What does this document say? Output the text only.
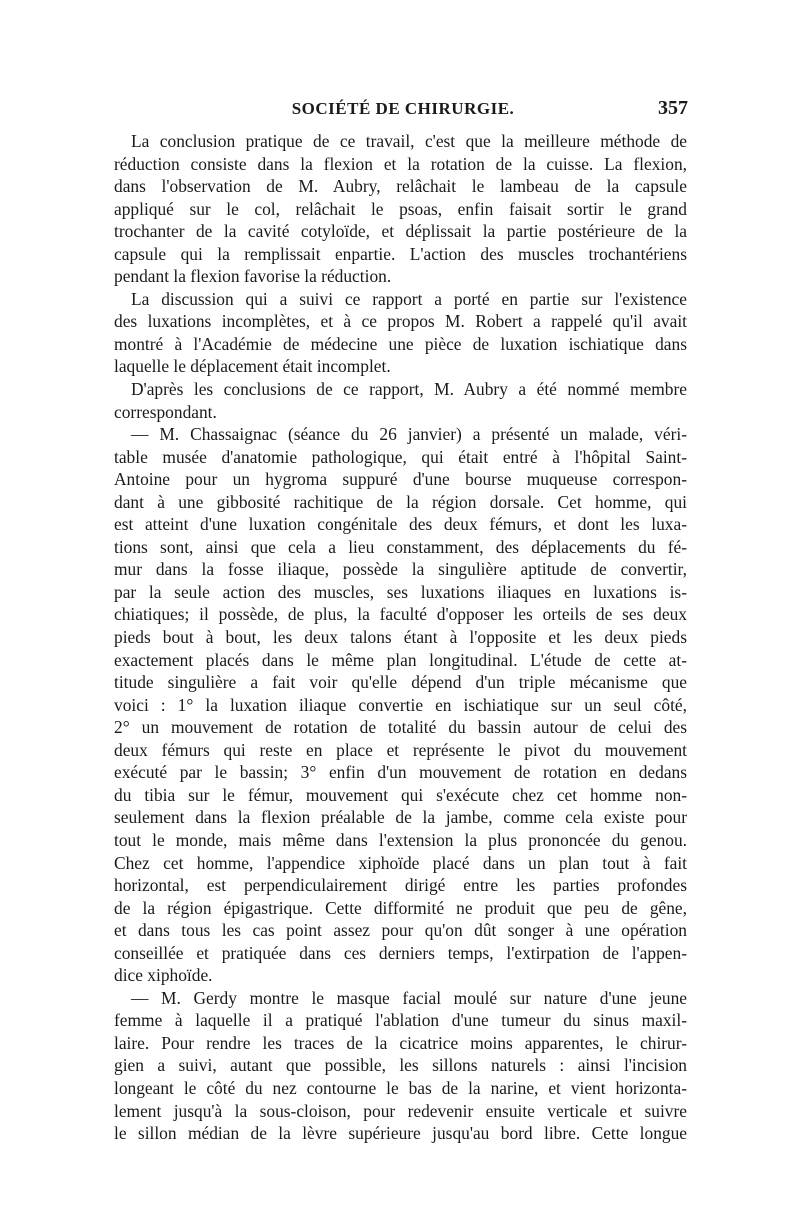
SOCIÉTÉ DE CHIRURGIE.	357
La conclusion pratique de ce travail, c'est que la meilleure méthode de
réduction consiste dans la flexion et la rotation de la cuisse. La flexion,
dans l'observation de M. Aubry, relâchait le lambeau de la capsule
appliqué sur le col, relâchait le psoas, enfin faisait sortir le grand
trochanter de la cavité cotyloïde, et déplissait la partie postérieure de la
capsule qui la remplissait enpartie. L'action des muscles trochantériens
pendant la flexion favorise la réduction.
La discussion qui a suivi ce rapport a porté en partie sur l'existence
des luxations incomplètes, et à ce propos M. Robert a rappelé qu'il avait
montré à l'Académie de médecine une pièce de luxation ischiatique dans
laquelle le déplacement était incomplet.
D'après les conclusions de ce rapport, M. Aubry a été nommé membre
correspondant.
— M. Chassaignac (séance du 26 janvier) a présenté un malade, véri-
table musée d'anatomie pathologique, qui était entré à l'hôpital Saint-
Antoine pour un hygroma suppuré d'une bourse muqueuse correspon-
dant à une gibbosité rachitique de la région dorsale. Cet homme, qui
est atteint d'une luxation congénitale des deux fémurs, et dont les luxa-
tions sont, ainsi que cela a lieu constamment, des déplacements du fé-
mur dans la fosse iliaque, possède la singulière aptitude de convertir,
par la seule action des muscles, ses luxations iliaques en luxations is-
chiatiques; il possède, de plus, la faculté d'opposer les orteils de ses deux
pieds bout à bout, les deux talons étant à l'opposite et les deux pieds
exactement placés dans le même plan longitudinal. L'étude de cette at-
titude singulière a fait voir qu'elle dépend d'un triple mécanisme que
voici : 1° la luxation iliaque convertie en ischiatique sur un seul côté,
2° un mouvement de rotation de totalité du bassin autour de celui des
deux fémurs qui reste en place et représente le pivot du mouvement
exécuté par le bassin; 3° enfin d'un mouvement de rotation en dedans
du tibia sur le fémur, mouvement qui s'exécute chez cet homme non-
seulement dans la flexion préalable de la jambe, comme cela existe pour
tout le monde, mais même dans l'extension la plus prononcée du genou.
Chez cet homme, l'appendice xiphoïde placé dans un plan tout à fait
horizontal, est perpendiculairement dirigé entre les parties profondes
de la région épigastrique. Cette difformité ne produit que peu de gêne,
et dans tous les cas point assez pour qu'on dût songer à une opération
conseillée et pratiquée dans ces derniers temps, l'extirpation de l'appen-
dice xiphoïde.
— M. Gerdy montre le masque facial moulé sur nature d'une jeune
femme à laquelle il a pratiqué l'ablation d'une tumeur du sinus maxil-
laire. Pour rendre les traces de la cicatrice moins apparentes, le chirur-
gien a suivi, autant que possible, les sillons naturels : ainsi l'incision
longeant le côté du nez contourne le bas de la narine, et vient horizonta-
lement jusqu'à la sous-cloison, pour redevenir ensuite verticale et suivre
le sillon médian de la lèvre supérieure jusqu'au bord libre. Cette longue
